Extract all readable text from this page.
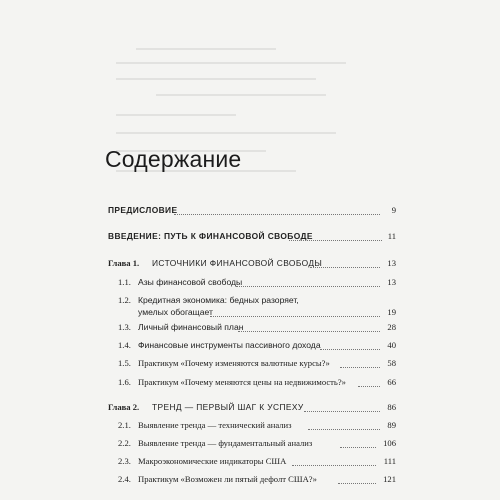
Содержание
ПРЕДИСЛОВИЕ	9
ВВЕДЕНИЕ: ПУТЬ К ФИНАНСОВОЙ СВОБОДЕ	11
Глава 1. ИСТОЧНИКИ ФИНАНСОВОЙ СВОБОДЫ	13
1.1. Азы финансовой свободы	13
1.2. Кредитная экономика: бедных разоряет,
умелых обогащает	19
1.3. Личный финансовый план	28
1.4. Финансовые инструменты пассивного дохода	40
1.5. Практикум «Почему изменяются валютные курсы?»	58
1.6. Практикум «Почему меняются цены на недвижимость?»	66
Глава 2. ТРЕНД — ПЕРВЫЙ ШАГ К УСПЕХУ	86
2.1. Выявление тренда — технический анализ	89
2.2. Выявление тренда — фундаментальный анализ	106
2.3. Макроэкономические индикаторы США	111
2.4. Практикум «Возможен ли пятый дефолт США?»	121
